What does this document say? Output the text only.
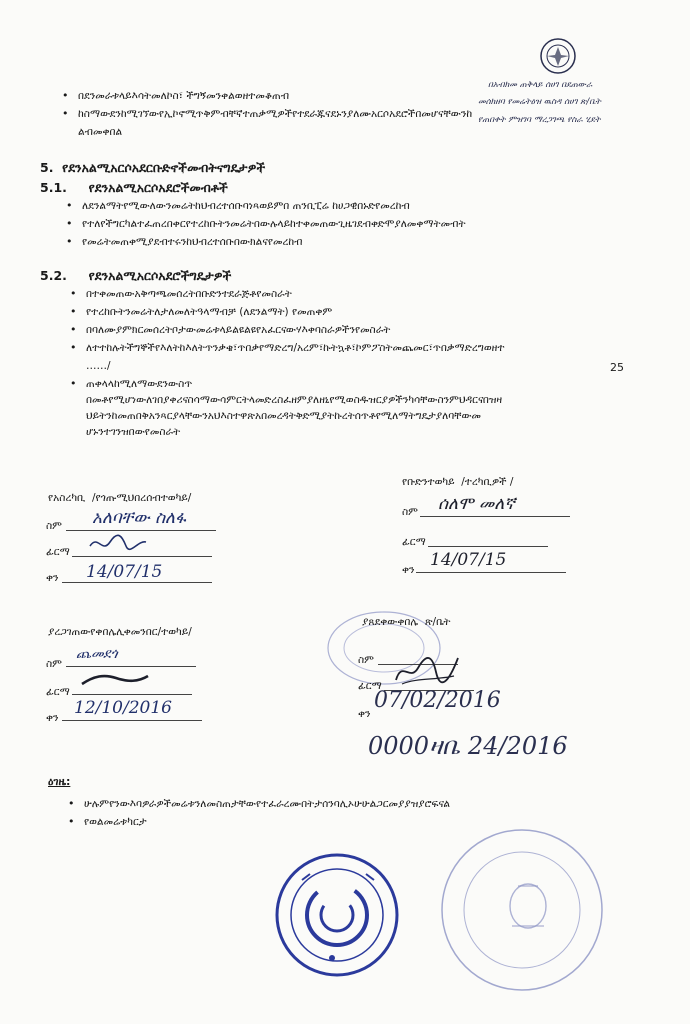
በአብክመ ጠቅላይ ሰሀገ በደጠውራ
መሰክዘባ የመሬትዕዝ ዉስዳ ሰሀገ ጽ/ቤት
የጠበቀት ምዝገባ ማረጋገጫ የስራ ሂደት
• በደንመራቱላይእሳትመለኮስ፣ ችግኝመንቀልወዘተመቆጠብ
• ከስማውደንከሚገኘውየኢኮኖሚጥቅምብቸኛተጠቃሚዎችየተደራጁናደኑንያለሙአርሶአደሮችበመሆናቸውንከ
ልብመቀበል
5.  የደንአልሚአርሶአደርቡድኖችመብትናግዴታዎች
5.1.     የደንአልሚአርሶአደሮችመብቶች
• ለደንልማትየሚውለውንመሬትከህብረተሰቡባነጻወይምበ ጠንቢፒሬ ከሀጋዊበኑድየመረከብ
• የተለየችግርካልተፈጠረበቀርየተረከቡትንመሬትበውሉላይከተቀመጠውጊዜገደብቀድሞያለመቀማትመብት
• የመሬትመጠቀሚያደብተሩንከህብረተሰቡበውክልናየመረከብ
5.2.     የደንአልሚአርሶአደሮችግዴታዎች
• በተቀመጠውአቅጣጫመሰረትበቡድንተደራጅቶየመስራት
• የተረከቡትንመሬትለታለመለትዓላማብቻ (ለደንልማት) የመጠቀም
• በባለሙያምክርመሰረትቦታውመሬቱላይልዩልዩየአፈርናውሃእቀባስራዎችንየመስራት
• ለተተከሉትችግኞችየእለትከእለትጥንቃቄ፣ጥበቃየማድረግ/አረም፣ኩትኳቶ፣ኮምፖስትመጨመር፣ጥበቃማድረግወዘተ
……/	25
• ጠቀላላከሚለማውደንውስጥ
በመቶየሚሆነውለገበያቀሪናስሳማውሳምርትላመድረስፈዘምያለዘኒየሚወስዱዝርያዎችንካሳቸውስንምህዳርናበዝዛ
ህይትንከመጠበቅአንጻርያላቸውንአህእስተዋጽአበመረዳትቅድሚያትኩረትሰጥቶየሚለማትግዴታያለባቸውመ
ሆኑንተገንዝበውየመስራት
የአስረካቢ  /የጎጡሚህበረሰብተወካይ/
ስም አለባቸው ስለፋ
ፊርማ
ቀን 14/07/15
የቡድንተወካይ  /ተረካቢዎች /
ስም ሰለሞ መለኛ
ፊርማ
ቀን 14/07/15
ያረጋገጠውየቀበሌሊቀመንበር/ተወካይ/
ስም
ጨመደጎ
ፊርማ
ቀን 12/10/2016
ያጸደቀውቀበሌ  ጽ/ቤት
ስም
ፊርማ
ቀን
07/02/2016
0000ዛቤ 24/2016
ዕገዜ:
• ሁሉምየንውእባዎራዎችመሬቱንለመስጠታቸውየተፈራረሙበትታሰንባሊኦሁሁልጋርመያያዝያሮፍናል
• የወልመሬቱካርታ
